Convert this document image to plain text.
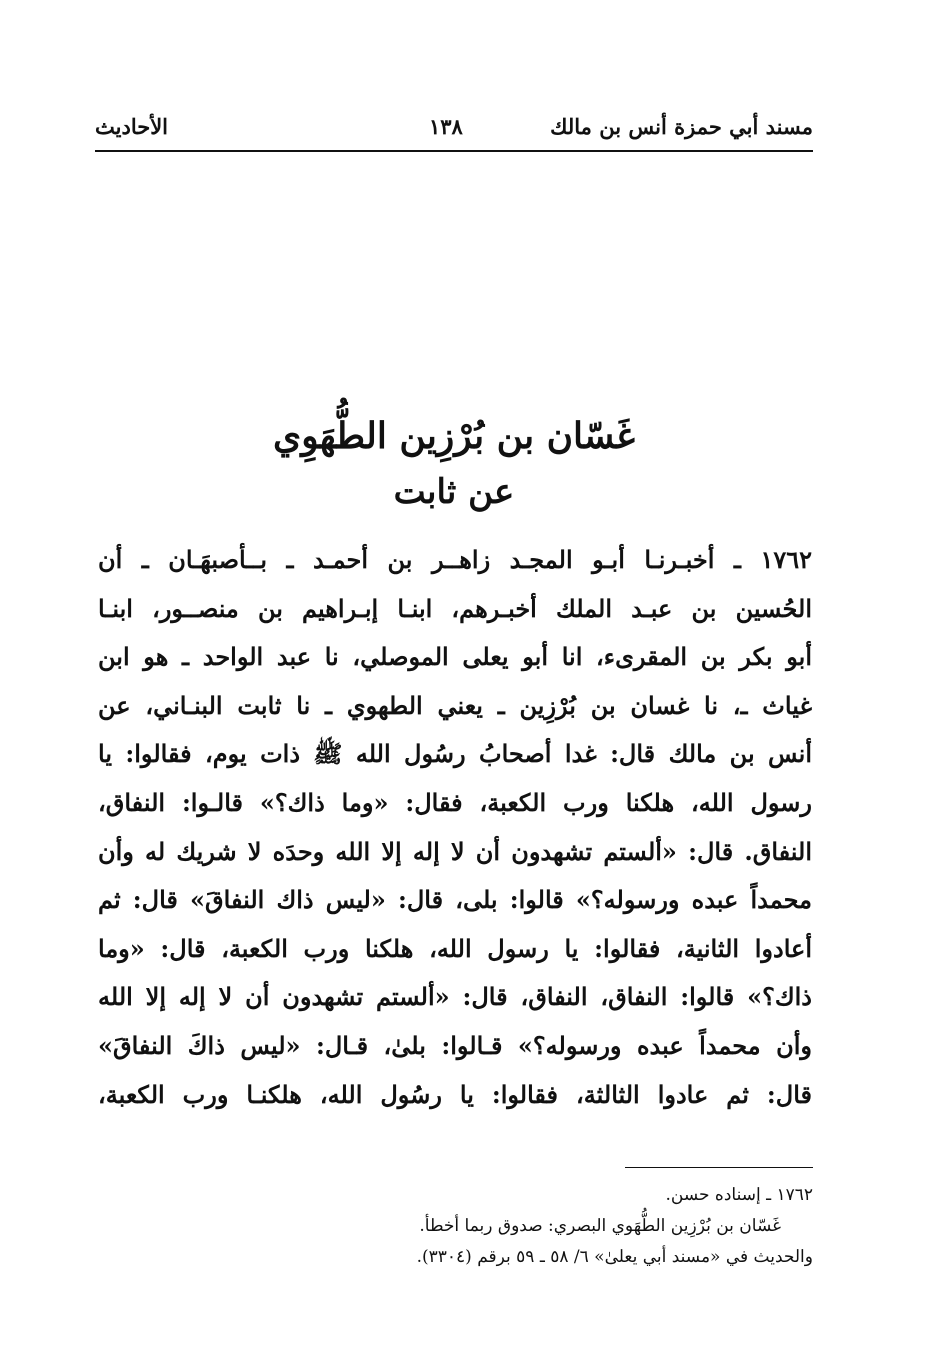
مسند أبي حمزة أنس بن مالك
١٣٨
الأحاديث
غَسّان بن بُرْزِين الطُّهَوِي
عن ثابت
١٧٦٢ ـ أخبـرنـا أبـو المجـد زاهــر بن أحمـد ـ بــأصبهَـان ـ أن
الحُسين بن عبـد الملك أخبـرهم، ابنـا إبـراهيم بن منصــور، ابنـا
أبو بكر بن المقرىء، انا أبو يعلى الموصلي، نا عبد الواحد ـ هو ابن
غياث ـ، نا غسان بن بُرْزِين ـ يعني الطهوي ـ نا ثابت البنـاني، عن
أنس بن مالك قال: غدا أصحابُ رسُول الله ﷺ ذات يوم، فقالوا: يا
رسول الله، هلكنا ورب الكعبة، فقال: «وما ذاك؟» قالـوا: النفاق،
النفاق. قال: «ألستم تشهدون أن لا إله إلا الله وحدَه لا شريك له وأن
محمداً عبده ورسوله؟» قالوا: بلى، قال: «ليس ذاك النفاقَ» قال: ثم
أعادوا الثانية، فقالوا: يا رسول الله، هلكنا ورب الكعبة، قال: «وما
ذاك؟» قالوا: النفاق، النفاق، قال: «ألستم تشهدون أن لا إله إلا الله
وأن محمداً عبده ورسوله؟» قـالوا: بلىٰ، قـال: «ليس ذاكَ النفاقَ»
قال: ثم عادوا الثالثة، فقالوا: يا رسُول الله، هلكنـا ورب الكعبة،
١٧٦٢ ـ إسناده حسن.
غَسّان بن بُرْزِين الطُّهَوي البصري: صدوق ربما أخطأ.
والحديث في «مسند أبي يعلىٰ» ٦/ ٥٨ ـ ٥٩ برقم (٣٣٠٤).
